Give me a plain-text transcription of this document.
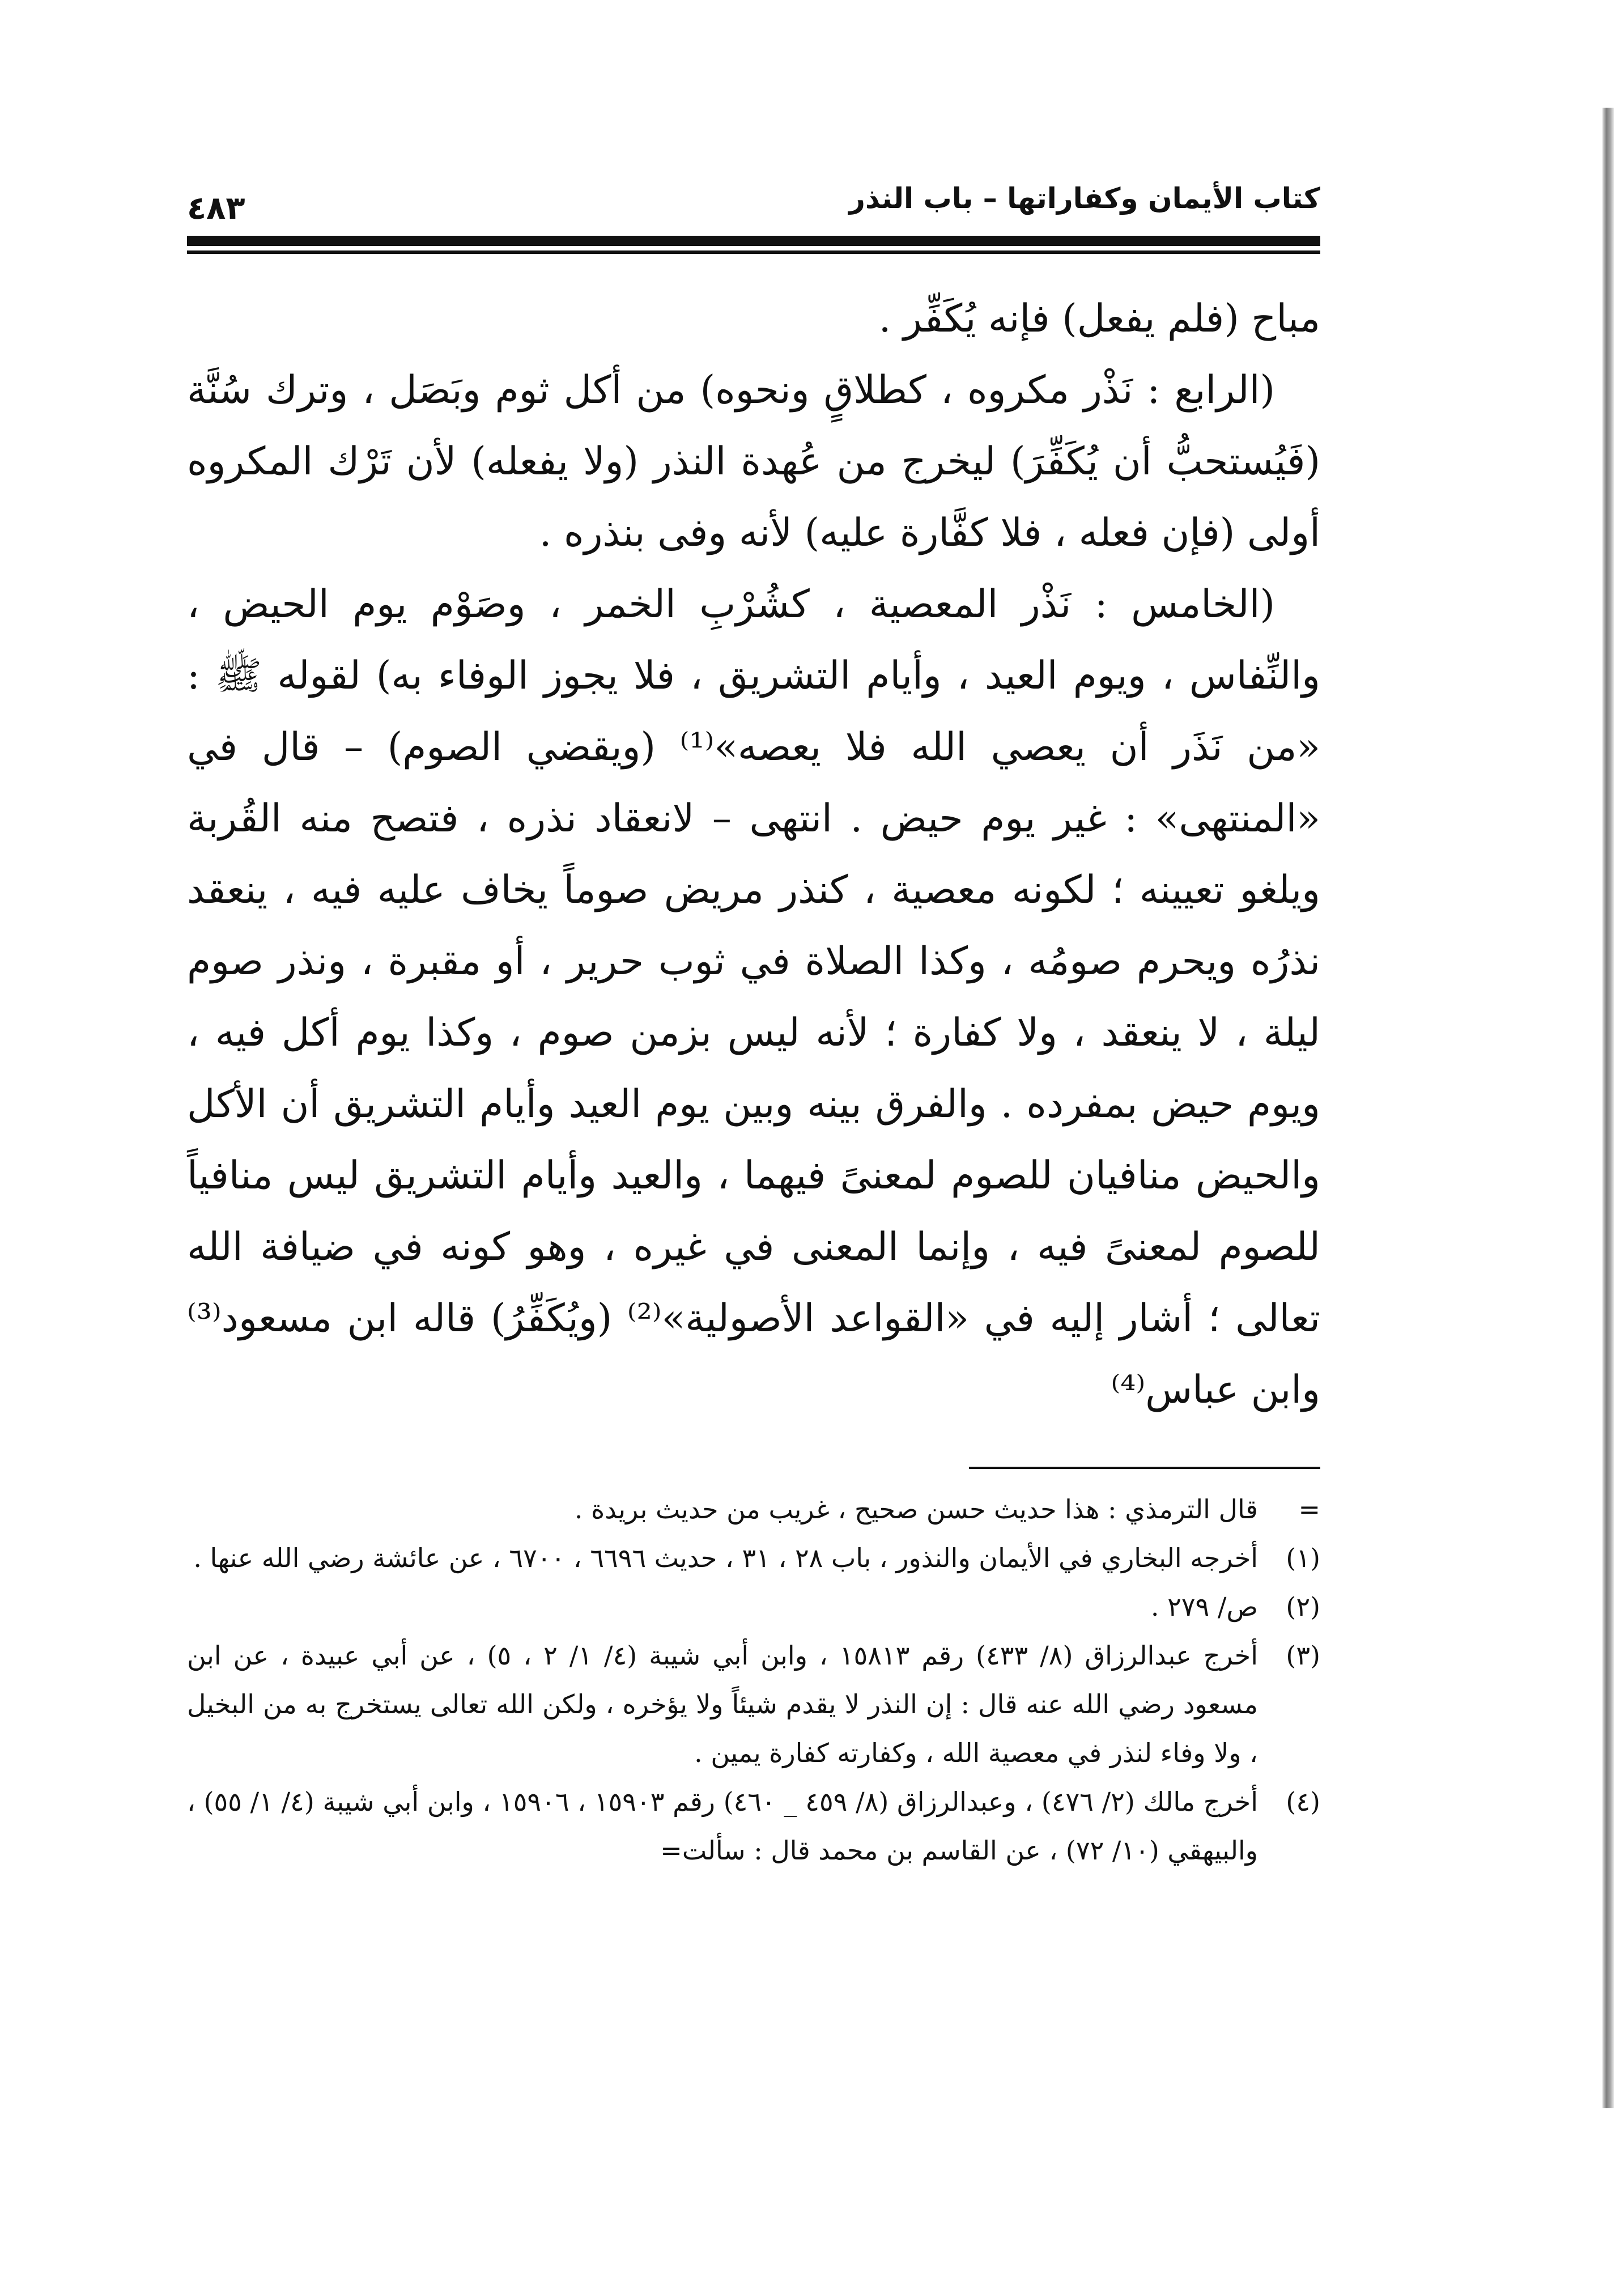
كتاب الأيمان وكفاراتها – باب النذر
٤٨٣

مباح (فلم يفعل) فإنه يُكَفِّر .

(الرابع : نَذْر مكروه ، كطلاقٍ ونحوه) من أكل ثوم وبَصَل ، وترك سُنَّة (فَيُستحبُّ أن يُكَفِّرَ) ليخرج من عُهدة النذر (ولا يفعله) لأن تَرْك المكروه أولى (فإن فعله ، فلا كفَّارة عليه) لأنه وفى بنذره .

(الخامس : نَذْر المعصية ، كشُرْبِ الخمر ، وصَوْم يوم الحيض ، والنِّفاس ، ويوم العيد ، وأيام التشريق ، فلا يجوز الوفاء به) لقوله ﷺ : «من نَذَر أن يعصي الله فلا يعصه»⁽¹⁾ (ويقضي الصوم) – قال في «المنتهى» : غير يوم حيض . انتهى – لانعقاد نذره ، فتصح منه القُربة ويلغو تعيينه ؛ لكونه معصية ، كنذر مريض صوماً يخاف عليه فيه ، ينعقد نذرُه ويحرم صومُه ، وكذا الصلاة في ثوب حرير ، أو مقبرة ، ونذر صوم ليلة ، لا ينعقد ، ولا كفارة ؛ لأنه ليس بزمن صوم ، وكذا يوم أكل فيه ، ويوم حيض بمفرده . والفرق بينه وبين يوم العيد وأيام التشريق أن الأكل والحيض منافيان للصوم لمعنىً فيهما ، والعيد وأيام التشريق ليس منافياً للصوم لمعنىً فيه ، وإنما المعنى في غيره ، وهو كونه في ضيافة الله تعالى ؛ أشار إليه في «القواعد الأصولية»⁽²⁾ (ويُكَفِّرُ) قاله ابن مسعود⁽³⁾ وابن عباس⁽⁴⁾

=
قال الترمذي : هذا حديث حسن صحيح ، غريب من حديث بريدة .
(١)
أخرجه البخاري في الأيمان والنذور ، باب ٢٨ ، ٣١ ، حديث ٦٦٩٦ ، ٦٧٠٠ ، عن عائشة رضي الله عنها .
(٢)
ص/ ٢٧٩ .
(٣)
أخرج عبدالرزاق (٨/ ٤٣٣) رقم ١٥٨١٣ ، وابن أبي شيبة (٤/ ١/ ٢ ، ٥) ، عن أبي عبيدة ، عن ابن مسعود رضي الله عنه قال : إن النذر لا يقدم شيئاً ولا يؤخره ، ولكن الله تعالى يستخرج به من البخيل ، ولا وفاء لنذر في معصية الله ، وكفارته كفارة يمين .
(٤)
أخرج مالك (٢/ ٤٧٦) ، وعبدالرزاق (٨/ ٤٥٩ _ ٤٦٠) رقم ١٥٩٠٣ ، ١٥٩٠٦ ، وابن أبي شيبة (٤/ ١/ ٥٥) ، والبيهقي (١٠/ ٧٢) ، عن القاسم بن محمد قال : سألت=
